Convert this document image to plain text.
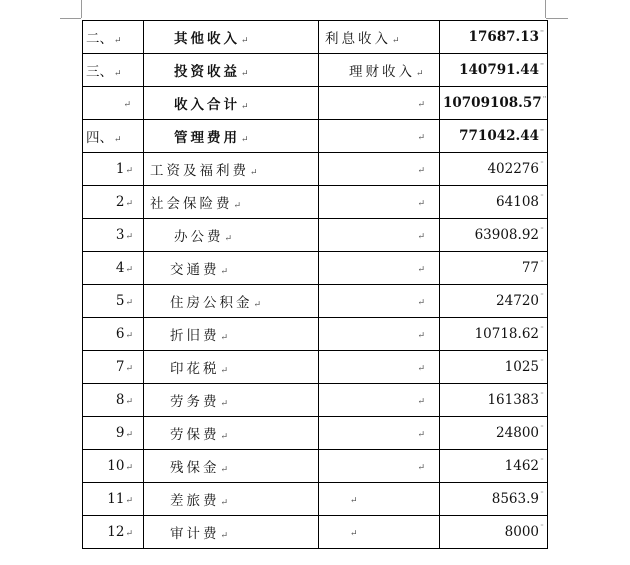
二、↵	其他收入↵	利息收入↵	17687.13¨
三、↵	投资收益↵	理财收入↵	140791.44¨
↵	收入合计↵	↵	10709108.57¨
四、↵	管理费用↵	↵	771042.44¨
1↵	工资及福利费↵	↵	402276¨
2↵	社会保险费↵	↵	64108¨
3↵	办公费↵	↵	63908.92¨
4↵	交通费↵	↵	77¨
5↵	住房公积金↵	↵	24720¨
6↵	折旧费↵	↵	10718.62¨
7↵	印花税↵	↵	1025¨
8↵	劳务费↵	↵	161383¨
9↵	劳保费↵	↵	24800¨
10↵	残保金↵	↵	1462¨
11↵	差旅费↵	↵	8563.9¨
12↵	审计费↵	↵	8000¨
